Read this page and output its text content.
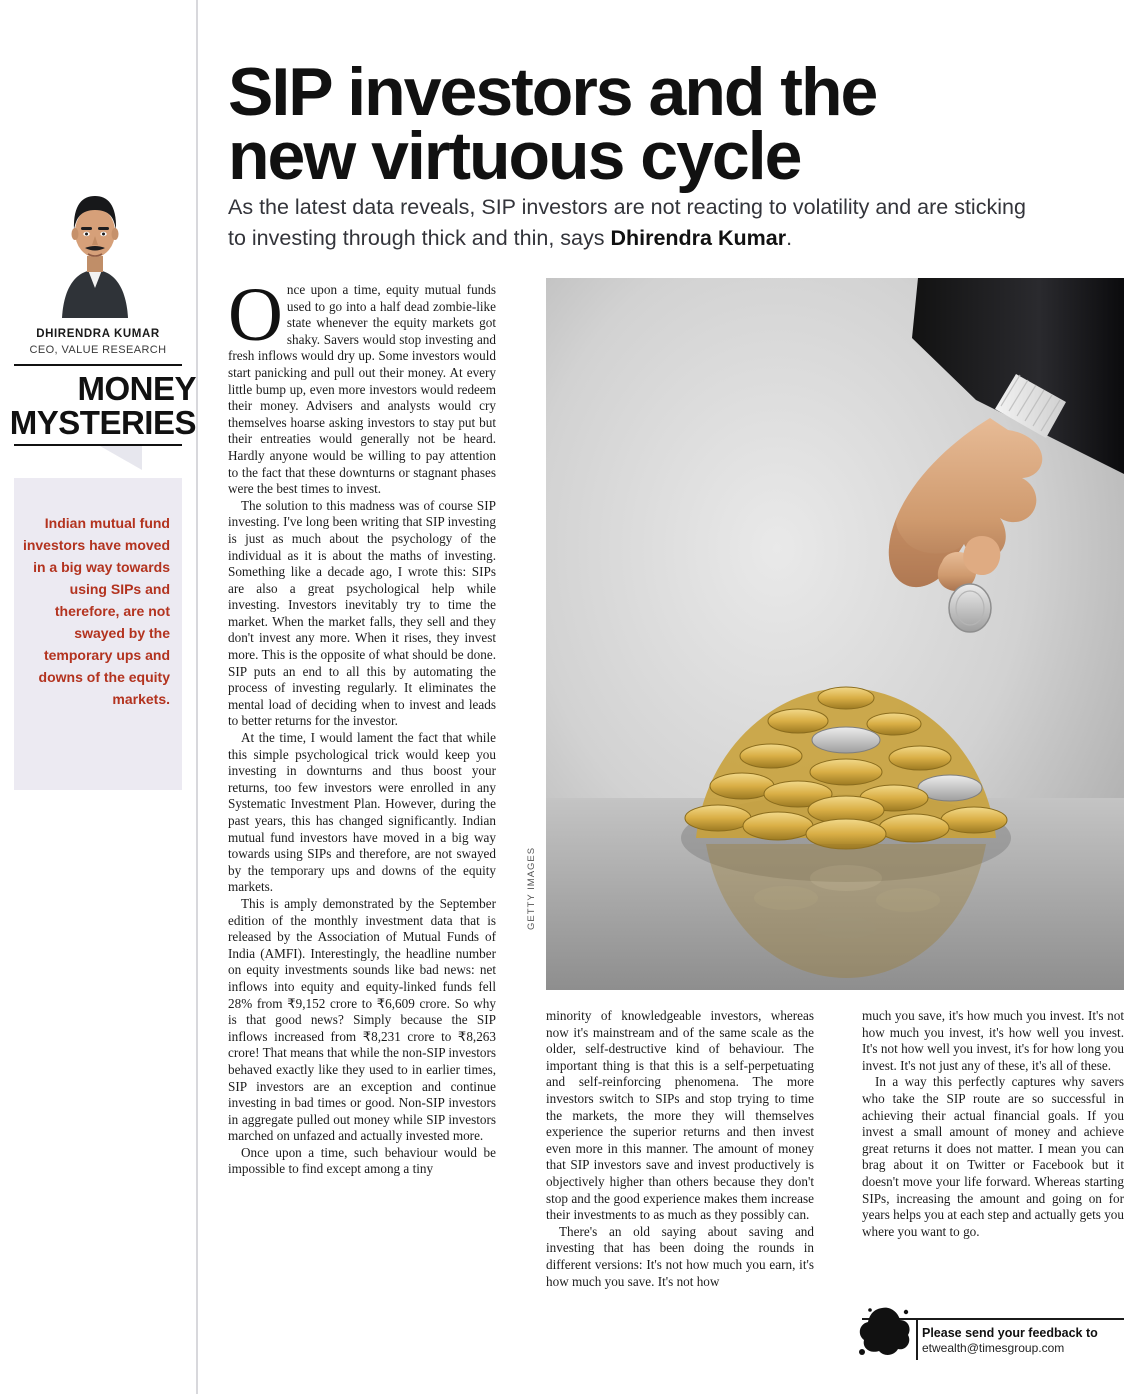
DHIRENDRA KUMAR
CEO, VALUE RESEARCH
MONEY
MYSTERIES
Indian mutual fund investors have moved in a big way towards using SIPs and therefore, are not swayed by the temporary ups and downs of the equity markets.
SIP investors and the
new virtuous cycle
As the latest data reveals, SIP investors are not reacting to volatility and are sticking to investing through thick and thin, says Dhirendra Kumar.
GETTY IMAGES

Once upon a time, equity mutual funds used to go into a half dead zombie-like state whenever the equity markets got shaky. Savers would stop investing and fresh inflows would dry up. Some investors would start panicking and pull out their money. At every little bump up, even more investors would redeem their money. Advisers and analysts would cry themselves hoarse asking investors to stay put but their entreaties would generally not be heard. Hardly anyone would be willing to pay attention to the fact that these downturns or stagnant phases were the best times to invest.

The solution to this madness was of course SIP investing. I've long been writing that SIP investing is just as much about the psychology of the individual as it is about the maths of investing. Something like a decade ago, I wrote this: SIPs are also a great psychological help while investing. Investors inevitably try to time the market. When the market falls, they sell and they don't invest any more. When it rises, they invest more. This is the opposite of what should be done. SIP puts an end to all this by automating the process of investing regularly. It eliminates the mental load of deciding when to invest and leads to better returns for the investor.

At the time, I would lament the fact that while this simple psychological trick would keep you investing in downturns and thus boost your returns, too few investors were enrolled in any Systematic Investment Plan. However, during the past years, this has changed significantly. Indian mutual fund investors have moved in a big way towards using SIPs and therefore, are not swayed by the temporary ups and downs of the equity markets.

This is amply demonstrated by the September edition of the monthly investment data that is released by the Association of Mutual Funds of India (AMFI). Interestingly, the headline number on equity investments sounds like bad news: net inflows into equity and equity-linked funds fell 28% from ₹9,152 crore to ₹6,609 crore. So why is that good news? Simply because the SIP inflows increased from ₹8,231 crore to ₹8,263 crore! That means that while the non-SIP investors behaved exactly like they used to in earlier times, SIP investors are an exception and continue investing in bad times or good. Non-SIP investors in aggregate pulled out money while SIP investors marched on unfazed and actually invested more.

Once upon a time, such behaviour would be impossible to find except among a tiny

minority of knowledgeable investors, whereas now it's mainstream and of the same scale as the older, self-destructive kind of behaviour. The important thing is that this is a self-perpetuating and self-reinforcing phenomena. The more investors switch to SIPs and stop trying to time the markets, the more they will themselves experience the superior returns and then invest even more in this manner. The amount of money that SIP investors save and invest productively is objectively higher than others because they don't stop and the good experience makes them increase their investments to as much as they possibly can.

There's an old saying about saving and investing that has been doing the rounds in different versions: It's not how much you earn, it's how much you save. It's not how

much you save, it's how much you invest. It's not how much you invest, it's how well you invest. It's not how well you invest, it's for how long you invest. It's not just any of these, it's all of these.

In a way this perfectly captures why savers who take the SIP route are so successful in achieving their actual financial goals. If you invest a small amount of money and achieve great returns it does not matter. I mean you can brag about it on Twitter or Facebook but it doesn't move your life forward. Whereas starting SIPs, increasing the amount and going on for years helps you at each step and actually gets you where you want to go.

Please send your feedback to
etwealth@timesgroup.com
